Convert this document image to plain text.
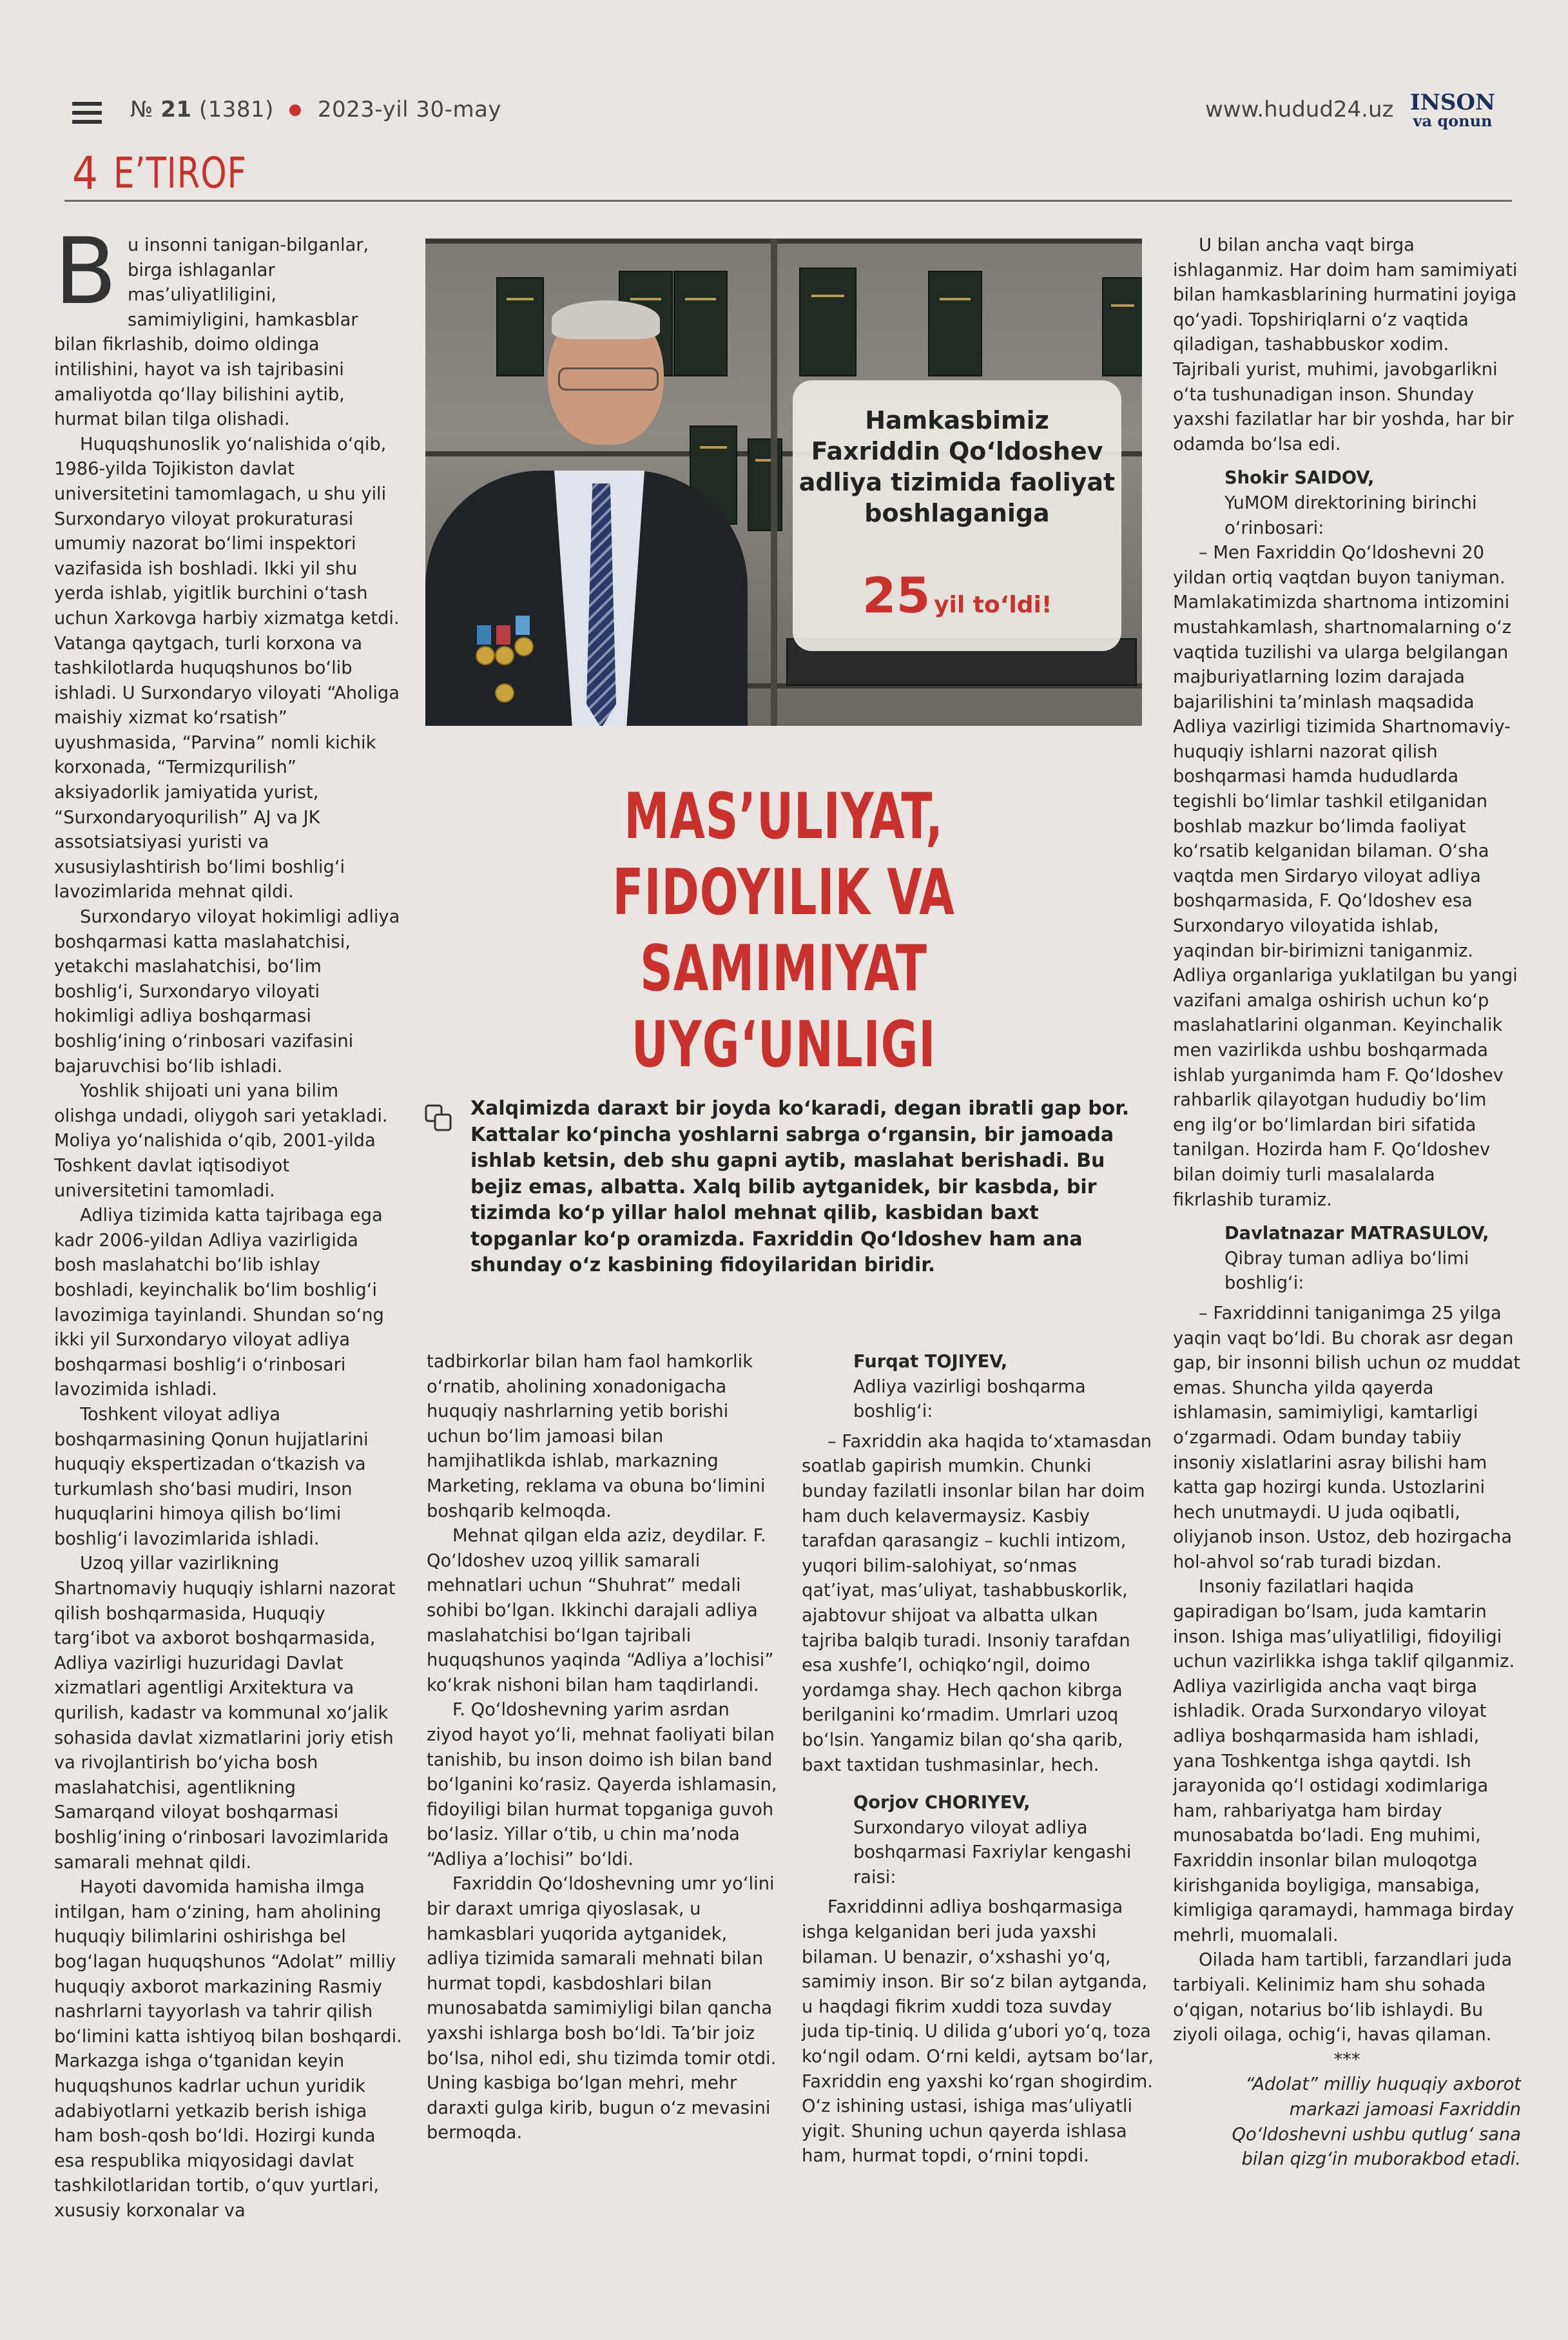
№ 21 (1381) 2023-yil 30-may	www.hudud24.uz INSON
va qonun
4 E’TIROF
B u insonni tanigan-bilganlar, birga ishlaganlar mas’uliyatliligini, samimiyligini, hamkasblar bilan fikrlashib, doimo oldinga intilishini, hayot va ish tajribasini amaliyotda qo‘llay bilishini aytib, hurmat bilan tilga olishadi.

Huquqshunoslik yo‘nalishida o‘qib, 1986-yilda Tojikiston davlat universitetini tamomlagach, u shu yili Surxondaryo viloyat prokuraturasi umumiy nazorat bo‘limi inspektori vazifasida ish boshladi. Ikki yil shu yerda ishlab, yigitlik burchini o‘tash uchun Xarkovga harbiy xizmatga ketdi. Vatanga qaytgach, turli korxona va tashkilotlarda huquqshunos bo‘lib ishladi. U Surxondaryo viloyati “Aholiga maishiy xizmat ko‘rsatish” uyushmasida, “Parvina” nomli kichik korxonada, “Termizqurilish” aksiyadorlik jamiyatida yurist, “Surxondaryoqurilish” AJ va JK assotsiatsiyasi yuristi va xususiylashtirish bo‘limi boshlig‘i lavozimlarida mehnat qildi.

Surxondaryo viloyat hokimligi adliya boshqarmasi katta maslahatchisi, yetakchi maslahatchisi, bo‘lim boshlig‘i, Surxondaryo viloyati hokimligi adliya boshqarmasi boshlig‘ining o‘rinbosari vazifasini bajaruvchisi bo‘lib ishladi.

Yoshlik shijoati uni yana bilim olishga undadi, oliygoh sari yetakladi. Moliya yo‘nalishida o‘qib, 2001-yilda Toshkent davlat iqtisodiyot universitetini tamomladi.

Adliya tizimida katta tajribaga ega kadr 2006-yildan Adliya vazirligida bosh maslahatchi bo‘lib ishlay boshladi, keyinchalik bo‘lim boshlig‘i lavozimiga tayinlandi. Shundan so‘ng ikki yil Surxondaryo viloyat adliya boshqarmasi boshlig‘i o‘rinbosari lavozimida ishladi.

Toshkent viloyat adliya boshqarmasining Qonun hujjatlarini huquqiy ekspertizadan o‘tkazish va turkumlash sho‘basi mudiri, Inson huquqlarini himoya qilish bo‘limi boshlig‘i lavozimlarida ishladi.

Uzoq yillar vazirlikning Shartnomaviy huquqiy ishlarni nazorat qilish boshqarmasida, Huquqiy targ‘ibot va axborot boshqarmasida, Adliya vazirligi huzuridagi Davlat xizmatlari agentligi Arxitektura va qurilish, kadastr va kommunal xo‘jalik sohasida davlat xizmatlarini joriy etish va rivojlantirish bo‘yicha bosh maslahatchisi, agentlikning Samarqand viloyat boshqarmasi boshlig‘ining o‘rinbosari lavozimlarida samarali mehnat qildi.

Hayoti davomida hamisha ilmga intilgan, ham o‘zining, ham aholining huquqiy bilimlarini oshirishga bel bog‘lagan huquqshunos “Adolat” milliy huquqiy axborot markazining Rasmiy nashrlarni tayyorlash va tahrir qilish bo‘limini katta ishtiyoq bilan boshqardi. Markazga ishga o‘tganidan keyin huquqshunos kadrlar uchun yuridik adabiyotlarni yetkazib berish ishiga ham bosh-qosh bo‘ldi. Hozirgi kunda esa respublika miqyosidagi davlat tashkilotlaridan tortib, o‘quv yurtlari, xususiy korxonalar va

Hamkasbimiz
Faxriddin Qo‘ldoshev
adliya tizimida faoliyat
boshlaganiga
25 yil to‘ldi!
MAS’ULIYAT,
FIDOYILIK VA SAMIMIYAT
UYG‘UNLIGI
Xalqimizda daraxt bir joyda ko‘karadi, degan ibratli gap bor. Kattalar ko‘pincha yoshlarni sabrga o‘rgansin, bir jamoada ishlab ketsin, deb shu gapni aytib, maslahat berishadi. Bu bejiz emas, albatta. Xalq bilib aytganidek, bir kasbda, bir tizimda ko‘p yillar halol mehnat qilib, kasbidan baxt topganlar ko‘p oramizda. Faxriddin Qo‘ldoshev ham ana shunday o‘z kasbining fidoyilaridan biridir.

tadbirkorlar bilan ham faol hamkorlik o‘rnatib, aholining xonadonigacha huquqiy nashrlarning yetib borishi uchun bo‘lim jamoasi bilan hamjihatlikda ishlab, markazning Marketing, reklama va obuna bo‘limini boshqarib kelmoqda.

Mehnat qilgan elda aziz, deydilar. F. Qo‘ldoshev uzoq yillik samarali mehnatlari uchun “Shuhrat” medali sohibi bo‘lgan. Ikkinchi darajali adliya maslahatchisi bo‘lgan tajribali huquqshunos yaqinda “Adliya a’lochisi” ko‘krak nishoni bilan ham taqdirlandi.

F. Qo‘ldoshevning yarim asrdan ziyod hayot yo‘li, mehnat faoliyati bilan tanishib, bu inson doimo ish bilan band bo‘lganini ko‘rasiz. Qayerda ishlamasin, fidoyiligi bilan hurmat topganiga guvoh bo‘lasiz. Yillar o‘tib, u chin ma’noda “Adliya a’lochisi” bo‘ldi.

Faxriddin Qo‘ldoshevning umr yo‘lini bir daraxt umriga qiyoslasak, u hamkasblari yuqorida aytganidek, adliya tizimida samarali mehnati bilan hurmat topdi, kasbdoshlari bilan munosabatda samimiyligi bilan qancha yaxshi ishlarga bosh bo‘ldi. Ta’bir joiz bo‘lsa, nihol edi, shu tizimda tomir otdi. Uning kasbiga bo‘lgan mehri, mehr daraxti gulga kirib, bugun o‘z mevasini bermoqda.

Furqat TOJIYEV,

Adliya vazirligi boshqarma boshlig‘i:

– Faxriddin aka haqida to‘xtamasdan soatlab gapirish mumkin. Chunki bunday fazilatli insonlar bilan har doim ham duch kelavermaysiz. Kasbiy tarafdan qarasangiz – kuchli intizom, yuqori bilim-salohiyat, so‘nmas qat’iyat, mas’uliyat, tashabbuskorlik, ajabtovur shijoat va albatta ulkan tajriba balqib turadi. Insoniy tarafdan esa xushfe’l, ochiqko‘ngil, doimo yordamga shay. Hech qachon kibrga berilganini ko‘rmadim. Umrlari uzoq bo‘lsin. Yangamiz bilan qo‘sha qarib, baxt taxtidan tushmasinlar, hech.

Qorjov CHORIYEV,

Surxondaryo viloyat adliya boshqarmasi Faxriylar kengashi raisi:

Faxriddinni adliya boshqarmasiga ishga kelganidan beri juda yaxshi bilaman. U benazir, o‘xshashi yo‘q, samimiy inson. Bir so‘z bilan aytganda, u haqdagi fikrim xuddi toza suvday juda tip-tiniq. U dilida g‘ubori yo‘q, toza ko‘ngil odam. O‘rni keldi, aytsam bo‘lar, Faxriddin eng yaxshi ko‘rgan shogirdim. O‘z ishining ustasi, ishiga mas’uliyatli yigit. Shuning uchun qayerda ishlasa ham, hurmat topdi, o‘rnini topdi.

U bilan ancha vaqt birga ishlaganmiz. Har doim ham samimiyati bilan hamkasblarining hurmatini joyiga qo‘yadi. Topshiriqlarni o‘z vaqtida qiladigan, tashabbuskor xodim. Tajribali yurist, muhimi, javobgarlikni o‘ta tushunadigan inson. Shunday yaxshi fazilatlar har bir yoshda, har bir odamda bo‘lsa edi.

Shokir SAIDOV,

YuMOM direktorining birinchi o‘rinbosari:

– Men Faxriddin Qo‘ldoshevni 20 yildan ortiq vaqtdan buyon taniyman. Mamlakatimizda shartnoma intizomini mustahkamlash, shartnomalarning o‘z vaqtida tuzilishi va ularga belgilangan majburiyatlarning lozim darajada bajarilishini ta’minlash maqsadida Adliya vazirligi tizimida Shartnomaviy-huquqiy ishlarni nazorat qilish boshqarmasi hamda hududlarda tegishli bo‘limlar tashkil etilganidan boshlab mazkur bo‘limda faoliyat ko‘rsatib kelganidan bilaman. O‘sha vaqtda men Sirdaryo viloyat adliya boshqarmasida, F. Qo‘ldoshev esa Surxondaryo viloyatida ishlab, yaqindan bir-birimizni taniganmiz. Adliya organlariga yuklatilgan bu yangi vazifani amalga oshirish uchun ko‘p maslahatlarini olganman. Keyinchalik men vazirlikda ushbu boshqarmada ishlab yurganimda ham F. Qo‘ldoshev rahbarlik qilayotgan hududiy bo‘lim eng ilg‘or bo‘limlardan biri sifatida tanilgan. Hozirda ham F. Qo‘ldoshev bilan doimiy turli masalalarda fikrlashib turamiz.

Davlatnazar MATRASULOV,

Qibray tuman adliya bo‘limi boshlig‘i:

– Faxriddinni taniganimga 25 yilga yaqin vaqt bo‘ldi. Bu chorak asr degan gap, bir insonni bilish uchun oz muddat emas. Shuncha yilda qayerda ishlamasin, samimiyligi, kamtarligi o‘zgarmadi. Odam bunday tabiiy insoniy xislatlarini asray bilishi ham katta gap hozirgi kunda. Ustozlarini hech unutmaydi. U juda oqibatli, oliyjanob inson. Ustoz, deb hozirgacha hol-ahvol so‘rab turadi bizdan.

Insoniy fazilatlari haqida gapiradigan bo‘lsam, juda kamtarin inson. Ishiga mas’uliyatliligi, fidoyiligi uchun vazirlikka ishga taklif qilganmiz. Adliya vazirligida ancha vaqt birga ishladik. Orada Surxondaryo viloyat adliya boshqarmasida ham ishladi, yana Toshkentga ishga qaytdi. Ish jarayonida qo‘l ostidagi xodimlariga ham, rahbariyatga ham birday munosabatda bo‘ladi. Eng muhimi, Faxriddin insonlar bilan muloqotga kirishganida boyligiga, mansabiga, kimligiga qaramaydi, hammaga birday mehrli, muomalali.

Oilada ham tartibli, farzandlari juda tarbiyali. Kelinimiz ham shu sohada o‘qigan, notarius bo‘lib ishlaydi. Bu ziyoli oilaga, ochig‘i, havas qilaman.

***

“Adolat” milliy huquqiy axborot markazi jamoasi Faxriddin Qo‘ldoshevni ushbu qutlug‘ sana bilan qizg‘in muborakbod etadi.
